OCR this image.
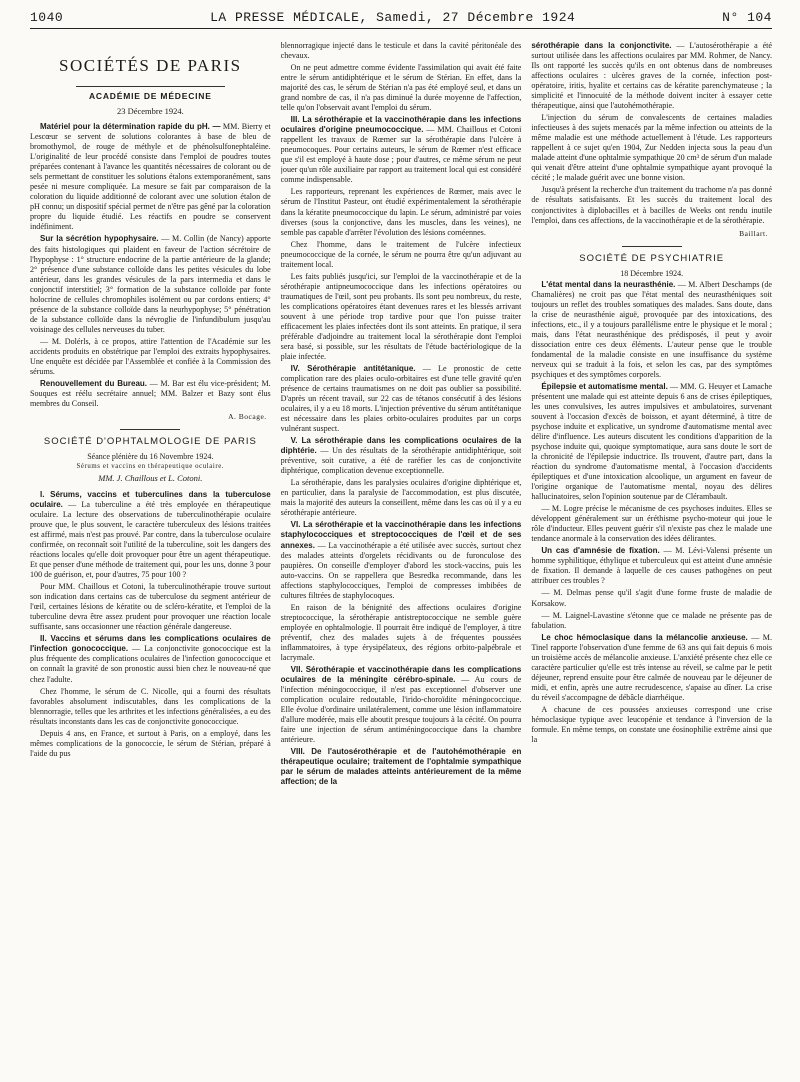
1040	LA PRESSE MÉDICALE, Samedi, 27 Décembre 1924	N° 104
SOCIÉTÉS DE PARIS
ACADÉMIE DE MÉDECINE
23 Décembre 1924.

Matériel pour la détermination rapide du pH. — MM. Bierry et Lescœur se servent de solutions colorantes à base de bleu de bromothymol, de rouge de méthyle et de phénolsulfonephtaléine. L'originalité de leur procédé consiste dans l'emploi de poudres toutes préparées contenant à l'avance les quantités nécessaires de colorant ou de sels permettant de constituer les solutions étalons extemporanément, sans pesée ni mesure compliquée. La mesure se fait par comparaison de la coloration du liquide additionné de colorant avec une solution étalon de pH connu; un dispositif spécial permet de n'être pas gêné par la coloration propre du liquide étudié. Les réactifs en poudre se conservent indéfiniment.

Sur la sécrétion hypophysaire. — M. Collin (de Nancy) apporte des faits histologiques qui plaident en faveur de l'action sécrétoire de l'hypophyse : 1° structure endocrine de la partie antérieure de la glande; 2° présence d'une substance colloïde dans les petites vésicules du lobe antérieur, dans les grandes vésicules de la pars intermedia et dans le conjonctif interstitiel; 3° formation de la substance colloïde par fonte holocrine de cellules chromophiles isolément ou par cordons entiers; 4° présence de la substance colloïde dans la neurhypophyse; 5° pénétration de la substance colloïde dans la névroglie de l'infundibulum jusqu'au voisinage des cellules nerveuses du tuber.

— M. Dolérls, à ce propos, attire l'attention de l'Académie sur les accidents produits en obstétrique par l'emploi des extraits hypophysaires. Une enquête est décidée par l'Assemblée et confiée à la Commission des sérums.

Renouvellement du Bureau. — M. Bar est élu vice-président; M. Souques est réélu secrétaire annuel; MM. Balzer et Bazy sont élus membres du Conseil.

A. Bocage.
SOCIÉTÉ D'OPHTALMOLOGIE DE PARIS
Séance plénière du 16 Novembre 1924.
Sérums et vaccins en thérapeutique oculaire.
MM. J. Chaillous et L. Cotoni.

I. Sérums, vaccins et tuberculines dans la tuberculose oculaire. — La tuberculine a été très employée en thérapeutique oculaire. La lecture des observations de tuberculinothérapie oculaire prouve que, le plus souvent, le caractère tuberculeux des lésions traitées est affirmé, mais n'est pas prouvé. Par contre, dans la tuberculose oculaire confirmée, on reconnaît soit l'utilité de la tuberculine, soit les dangers des réactions locales qu'elle doit provoquer pour être un agent thérapeutique. Et que penser d'une méthode de traitement qui, pour les uns, donne 3 pour 100 de guérison, et, pour d'autres, 75 pour 100 ?

Pour MM. Chaillous et Cotoni, la tuberculinothérapie trouve surtout son indication dans certains cas de tuberculose du segment antérieur de l'œil, certaines lésions de kératite ou de scléro-kératite, et l'emploi de la tuberculine devra être assez prudent pour provoquer une réaction locale suffisante, sans occasionner une réaction générale dangereuse.

II. Vaccins et sérums dans les complications oculaires de l'infection gonococcique. — La conjonctivite gonococcique est la plus fréquente des complications oculaires de l'infection gonococcique et on connaît la gravité de son pronostic aussi bien chez le nouveau-né que chez l'adulte.

Chez l'homme, le sérum de C. Nicolle, qui a fourni des résultats favorables absolument indiscutables, dans les complications de la blennorragie, telles que les arthrites et les infections généralisées, a eu des résultats inconstants dans les cas de conjonctivite gonococcique.

Depuis 4 ans, en France, et surtout à Paris, on a employé, dans les mêmes complications de la gonococcie, le sérum de Stérian, préparé à l'aide du pus

blennorragique injecté dans le testicule et dans la cavité péritonéale des chevaux.

On ne peut admettre comme évidente l'assimilation qui avait été faite entre le sérum antidiphtérique et le sérum de Stérian. En effet, dans la majorité des cas, le sérum de Stérian n'a pas été employé seul, et dans un grand nombre de cas, il n'a pas diminué la durée moyenne de l'affection, telle qu'on l'observait avant l'emploi du sérum.

III. La sérothérapie et la vaccinothérapie dans les infections oculaires d'origine pneumococcique. — MM. Chaillous et Cotoni rappellent les travaux de Rœmer sur la sérothérapie dans l'ulcère à pneumocoques. Pour certains auteurs, le sérum de Rœmer n'est efficace que s'il est employé à haute dose ; pour d'autres, ce même sérum ne peut jouer qu'un rôle auxiliaire par rapport au traitement local qui est considéré comme indispensable.

Les rapporteurs, reprenant les expériences de Rœmer, mais avec le sérum de l'Institut Pasteur, ont étudié expérimentalement la sérothérapie dans la kératite pneumococcique du lapin. Le sérum, administré par voies diverses (sous la conjonctive, dans les muscles, dans les veines), ne semble pas capable d'arrêter l'évolution des lésions cornéennes.

Chez l'homme, dans le traitement de l'ulcère infectieux pneumococcique de la cornée, le sérum ne pourra être qu'un adjuvant au traitement local.

Les faits publiés jusqu'ici, sur l'emploi de la vaccinothérapie et de la sérothérapie antipneumococcique dans les infections opératoires ou traumatiques de l'œil, sont peu probants. Ils sont peu nombreux, du reste, les complications opératoires étant devenues rares et les blessés arrivant souvent à une période trop tardive pour que l'on puisse traiter efficacement les plaies infectées dont ils sont atteints. En pratique, il sera préférable d'adjoindre au traitement local la sérothérapie dont l'emploi sera basé, si possible, sur les résultats de l'étude bactériologique de la plaie infectée.

IV. Sérothérapie antitétanique. — Le pronostic de cette complication rare des plaies oculo-orbitaires est d'une telle gravité qu'en présence de certains traumatismes on ne doit pas oublier sa possibilité. D'après un récent travail, sur 22 cas de tétanos consécutif à des lésions oculaires, il y a eu 18 morts. L'injection préventive du sérum antitétanique est nécessaire dans les plaies orbito-oculaires produites par un corps vulnérant suspect.

V. La sérothérapie dans les complications oculaires de la diphtérie. — Un des résultats de la sérothérapie antidiphtérique, soit préventive, soit curative, a été de raréfier les cas de conjonctivite diphtérique, complication devenue exceptionnelle.

La sérothérapie, dans les paralysies oculaires d'origine diphtérique et, en particulier, dans la paralysie de l'accommodation, est plus discutée, mais la majorité des auteurs la conseillent, même dans les cas où il y a eu sérothérapie antérieure.

VI. La sérothérapie et la vaccinothérapie dans les infections staphylococciques et streptococciques de l'œil et de ses annexes. — La vaccinothérapie a été utilisée avec succès, surtout chez des malades atteints d'orgelets récidivants ou de furonculose des paupières. On conseille d'employer d'abord les stock-vaccins, puis les auto-vaccins. On se rappellera que Besredka recommande, dans les affections staphylococciques, l'emploi de compresses imbibées de cultures filtrées de staphylocoques.

En raison de la bénignité des affections oculaires d'origine streptococcique, la sérothérapie antistreptococcique ne semble guère employée en ophtalmologie. Il pourrait être indiqué de l'employer, à titre préventif, chez des malades sujets à de fréquentes poussées inflammatoires, à type érysipélateux, des régions orbito-palpébrale et lacrymale.

VII. Sérothérapie et vaccinothérapie dans les complications oculaires de la méningite cérébro-spinale. — Au cours de l'infection méningococcique, il n'est pas exceptionnel d'observer une complication oculaire redoutable, l'irido-choroïdite méningococcique. Elle évolue d'ordinaire unilatéralement, comme une lésion inflammatoire d'allure modérée, mais elle aboutit presque toujours à la cécité. On pourra faire une injection de sérum antiméningococcique dans la chambre antérieure.

VIII. De l'autosérothérapie et de l'autohémothérapie en thérapeutique oculaire; traitement de l'ophtalmie sympathique par le sérum de malades atteints antérieurement de la même affection; de la

sérothérapie dans la conjonctivite. — L'autosérothérapie a été surtout utilisée dans les affections oculaires par MM. Rohmer, de Nancy. Ils ont rapporté les succès qu'ils en ont obtenus dans de nombreuses affections oculaires : ulcères graves de la cornée, infection post-opératoire, iritis, hyalite et certains cas de kératite parenchymateuse ; la simplicité et l'innocuité de la méthode doivent inciter à essayer cette thérapeutique, ainsi que l'autohémothérapie.

L'injection du sérum de convalescents de certaines maladies infectieuses à des sujets menacés par la même infection ou atteints de la même maladie est une méthode actuellement à l'étude. Les rapporteurs rappellent à ce sujet qu'en 1904, Zur Nedden injecta sous la peau d'un malade atteint d'une ophtalmie sympathique 20 cm³ de sérum d'un malade qui venait d'être atteint d'une ophtalmie sympathique ayant provoqué la cécité ; le malade guérit avec une bonne vision.

Jusqu'à présent la recherche d'un traitement du trachome n'a pas donné de résultats satisfaisants. Et les succès du traitement local des conjonctivites à diplobacilles et à bacilles de Weeks ont rendu inutile l'emploi, dans ces affections, de la vaccinothérapie et de la sérothérapie.

Baillart.
SOCIÉTÉ DE PSYCHIATRIE
18 Décembre 1924.

L'état mental dans la neurasthénie. — M. Albert Deschamps (de Chamalières) ne croit pas que l'état mental des neurasthéniques soit toujours un reflet des troubles somatiques des malades. Sans doute, dans la crise de neurasthénie aiguë, provoquée par des intoxications, des infections, etc., il y a toujours parallélisme entre le physique et le moral ; mais, dans l'état neurasthénique des prédisposés, il peut y avoir dissociation entre ces deux éléments. L'auteur pense que le trouble fondamental de la maladie consiste en une insuffisance du système nerveux qui se traduit à la fois, et selon les cas, par des symptômes psychiques et des symptômes corporels.

Épilepsie et automatisme mental. — MM. G. Heuyer et Lamache présentent une malade qui est atteinte depuis 6 ans de crises épileptiques, les unes convulsives, les autres impulsives et ambulatoires, survenant souvent à l'occasion d'excès de boisson, et ayant déterminé, à titre de psychose induite et explicative, un syndrome d'automatisme mental avec délire d'influence. Les auteurs discutent les conditions d'apparition de la psychose induite qui, quoique symptomatique, aura sans doute le sort de la chronicité de l'épilepsie inductrice. Ils trouvent, d'autre part, dans la réaction du syndrome d'automatisme mental, à l'occasion d'accidents épileptiques et d'une intoxication alcoolique, un argument en faveur de l'origine organique de l'automatisme mental, noyau des délires hallucinatoires, selon l'opinion soutenue par de Clérambault.

— M. Logre précise le mécanisme de ces psychoses induites. Elles se développent généralement sur un éréthisme psycho-moteur qui joue le rôle d'inducteur. Elles peuvent guérir s'il n'existe pas chez le malade une tendance anormale à la conservation des idées délirantes.

Un cas d'amnésie de fixation. — M. Lévi-Valensi présente un homme syphilitique, éthylique et tuberculeux qui est atteint d'une amnésie de fixation. Il demande à laquelle de ces causes pathogènes on peut attribuer ces troubles ?

— M. Delmas pense qu'il s'agit d'une forme fruste de maladie de Korsakow.

— M. Laignel-Lavastine s'étonne que ce malade ne présente pas de fabulation.

Le choc hémoclasique dans la mélancolie anxieuse. — M. Tinel rapporte l'observation d'une femme de 63 ans qui fait depuis 6 mois un troisième accès de mélancolie anxieuse. L'anxiété présente chez elle ce caractère particulier qu'elle est très intense au réveil, se calme par le petit déjeuner, reprend ensuite pour être calmée de nouveau par le déjeuner de midi, et enfin, après une autre recrudescence, s'apaise au dîner. La crise du réveil s'accompagne de débâcle diarrhéique.

A chacune de ces poussées anxieuses correspond une crise hémoclasique typique avec leucopénie et tendance à l'inversion de la formule. En même temps, on constate une éosinophilie extrême ainsi que la
